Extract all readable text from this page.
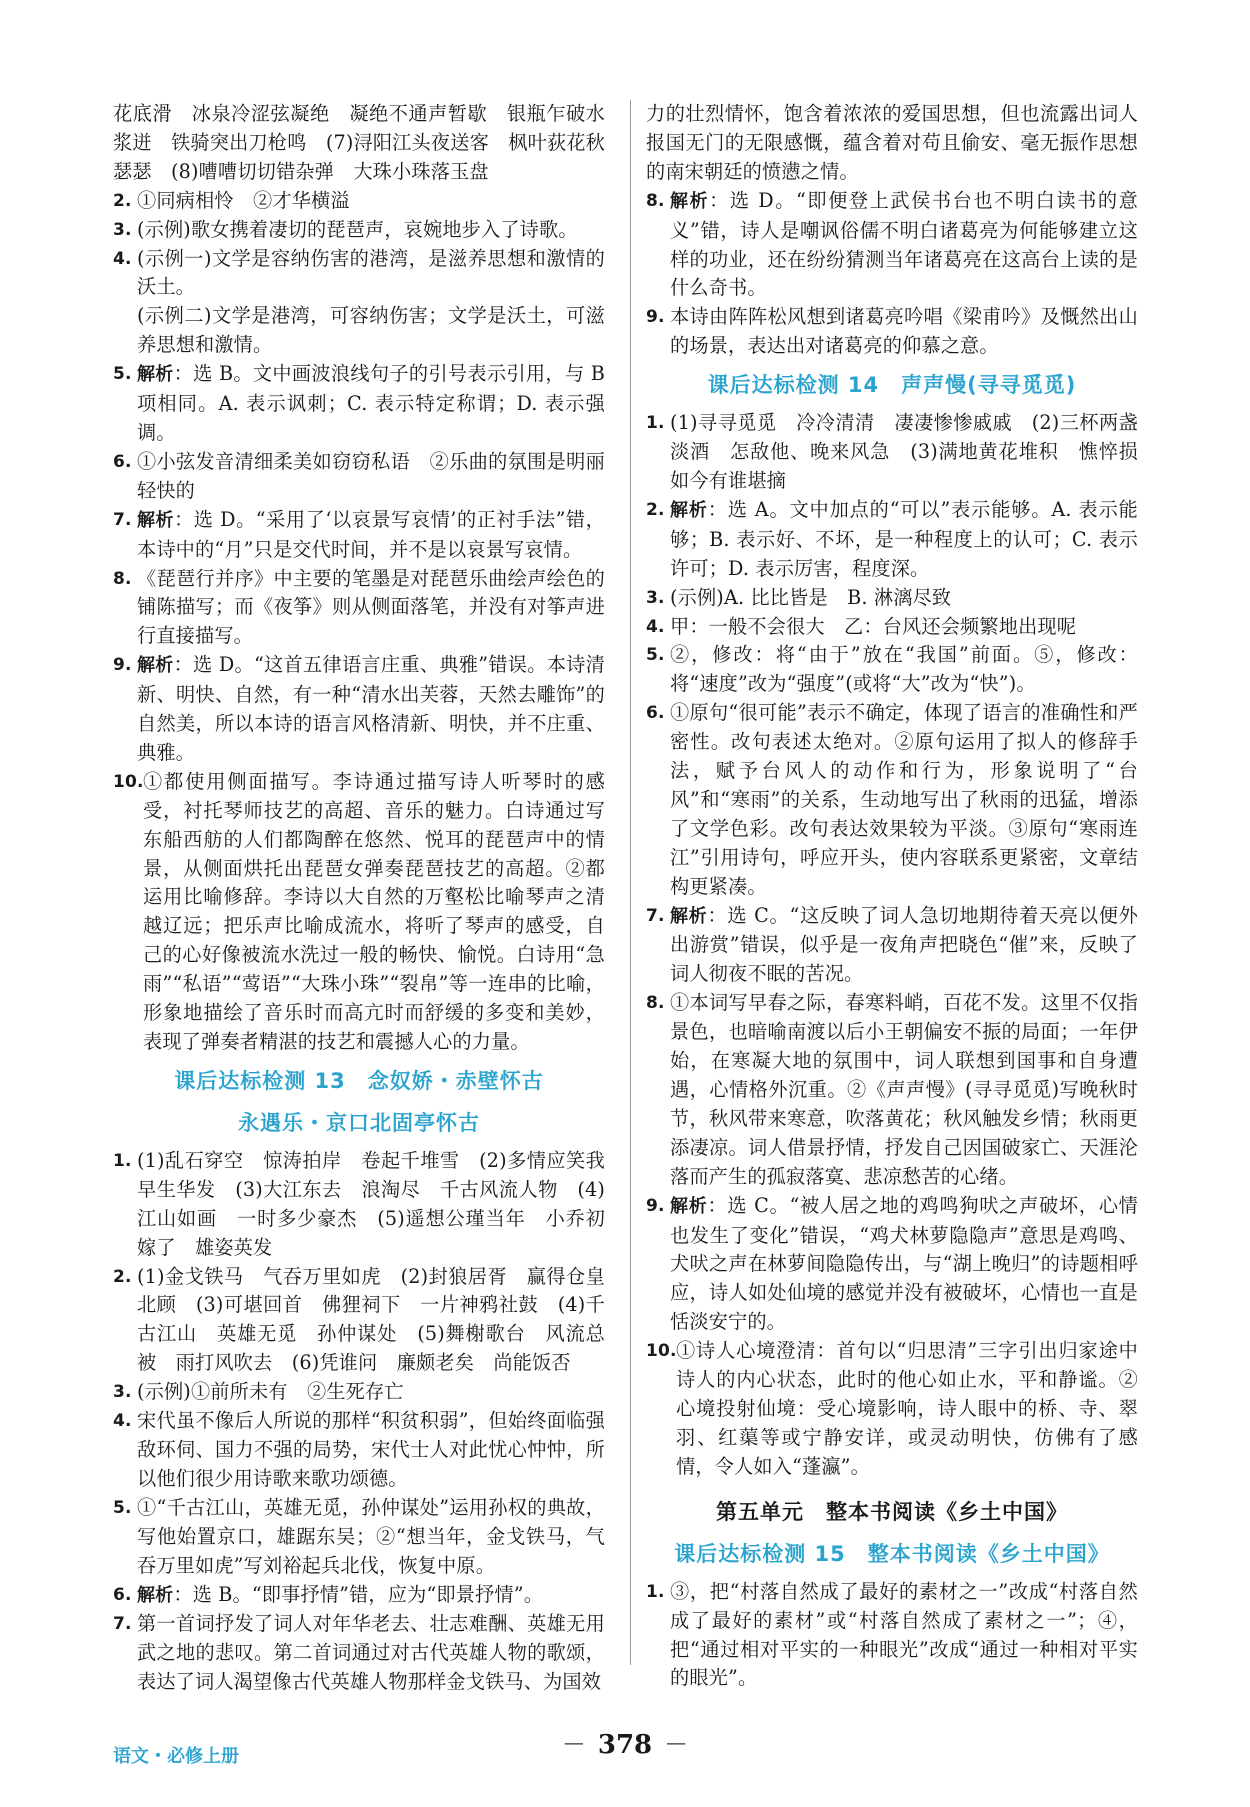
花底滑　冰泉冷涩弦凝绝　凝绝不通声暂歇　银瓶乍破水浆迸　铁骑突出刀枪鸣　(7)浔阳江头夜送客　枫叶荻花秋瑟瑟　(8)嘈嘈切切错杂弹　大珠小珠落玉盘

2. ①同病相怜　②才华横溢

3. (示例)歌女携着凄切的琵琶声，哀婉地步入了诗歌。

4. (示例一)文学是容纳伤害的港湾，是滋养思想和激情的沃土。

(示例二)文学是港湾，可容纳伤害；文学是沃土，可滋养思想和激情。

5. 解析：选 B。文中画波浪线句子的引号表示引用，与 B 项相同。A. 表示讽刺；C. 表示特定称谓；D. 表示强调。

6. ①小弦发音清细柔美如窃窃私语　②乐曲的氛围是明丽轻快的

7. 解析：选 D。“采用了‘以哀景写哀情’的正衬手法”错，本诗中的“月”只是交代时间，并不是以哀景写哀情。

8. 《琵琶行并序》中主要的笔墨是对琵琶乐曲绘声绘色的铺陈描写；而《夜筝》则从侧面落笔，并没有对筝声进行直接描写。

9. 解析：选 D。“这首五律语言庄重、典雅”错误。本诗清新、明快、自然，有一种“清水出芙蓉，天然去雕饰”的自然美，所以本诗的语言风格清新、明快，并不庄重、典雅。

10. ①都使用侧面描写。李诗通过描写诗人听琴时的感受，衬托琴师技艺的高超、音乐的魅力。白诗通过写东船西舫的人们都陶醉在悠然、悦耳的琵琶声中的情景，从侧面烘托出琵琶女弹奏琵琶技艺的高超。②都运用比喻修辞。李诗以大自然的万壑松比喻琴声之清越辽远；把乐声比喻成流水，将听了琴声的感受，自己的心好像被流水洗过一般的畅快、愉悦。白诗用“急雨”“私语”“莺语”“大珠小珠”“裂帛”等一连串的比喻，形象地描绘了音乐时而高亢时而舒缓的多变和美妙，表现了弹奏者精湛的技艺和震撼人心的力量。

课后达标检测 13　念奴娇・赤壁怀古
永遇乐・京口北固亭怀古

1. (1)乱石穿空　惊涛拍岸　卷起千堆雪　(2)多情应笑我　早生华发　(3)大江东去　浪淘尽　千古风流人物　(4)江山如画　一时多少豪杰　(5)遥想公瑾当年　小乔初嫁了　雄姿英发

2. (1)金戈铁马　气吞万里如虎　(2)封狼居胥　赢得仓皇北顾　(3)可堪回首　佛狸祠下　一片神鸦社鼓　(4)千古江山　英雄无觅　孙仲谋处　(5)舞榭歌台　风流总被　雨打风吹去　(6)凭谁问　廉颇老矣　尚能饭否

3. (示例)①前所未有　②生死存亡

4. 宋代虽不像后人所说的那样“积贫积弱”，但始终面临强敌环伺、国力不强的局势，宋代士人对此忧心忡忡，所以他们很少用诗歌来歌功颂德。

5. ①“千古江山，英雄无觅，孙仲谋处”运用孙权的典故，写他始置京口，雄踞东吴；②“想当年，金戈铁马，气吞万里如虎”写刘裕起兵北伐，恢复中原。

6. 解析：选 B。“即事抒情”错，应为“即景抒情”。

7. 第一首词抒发了词人对年华老去、壮志难酬、英雄无用武之地的悲叹。第二首词通过对古代英雄人物的歌颂，表达了词人渴望像古代英雄人物那样金戈铁马、为国效

力的壮烈情怀，饱含着浓浓的爱国思想，但也流露出词人报国无门的无限感慨，蕴含着对苟且偷安、毫无振作思想的南宋朝廷的愤懑之情。

8. 解析：选 D。“即便登上武侯书台也不明白读书的意义”错，诗人是嘲讽俗儒不明白诸葛亮为何能够建立这样的功业，还在纷纷猜测当年诸葛亮在这高台上读的是什么奇书。

9. 本诗由阵阵松风想到诸葛亮吟唱《梁甫吟》及慨然出山的场景，表达出对诸葛亮的仰慕之意。

课后达标检测 14　声声慢(寻寻觅觅)

1. (1)寻寻觅觅　冷冷清清　凄凄惨惨戚戚　(2)三杯两盏淡酒　怎敌他、晚来风急　(3)满地黄花堆积　憔悴损　如今有谁堪摘

2. 解析：选 A。文中加点的“可以”表示能够。A. 表示能够；B. 表示好、不坏，是一种程度上的认可；C. 表示许可；D. 表示厉害，程度深。

3. (示例)A. 比比皆是　B. 淋漓尽致

4. 甲：一般不会很大　乙：台风还会频繁地出现呢

5. ②，修改：将“由于”放在“我国”前面。⑤，修改：将“速度”改为“强度”(或将“大”改为“快”)。

6. ①原句“很可能”表示不确定，体现了语言的准确性和严密性。改句表述太绝对。②原句运用了拟人的修辞手法，赋予台风人的动作和行为，形象说明了“台风”和“寒雨”的关系，生动地写出了秋雨的迅猛，增添了文学色彩。改句表达效果较为平淡。③原句“寒雨连江”引用诗句，呼应开头，使内容联系更紧密，文章结构更紧凑。

7. 解析：选 C。“这反映了词人急切地期待着天亮以便外出游赏”错误，似乎是一夜角声把晓色“催”来，反映了词人彻夜不眠的苦况。

8. ①本词写早春之际，春寒料峭，百花不发。这里不仅指景色，也暗喻南渡以后小王朝偏安不振的局面；一年伊始，在寒凝大地的氛围中，词人联想到国事和自身遭遇，心情格外沉重。②《声声慢》(寻寻觅觅)写晚秋时节，秋风带来寒意，吹落黄花；秋风触发乡情；秋雨更添凄凉。词人借景抒情，抒发自己因国破家亡、天涯沦落而产生的孤寂落寞、悲凉愁苦的心绪。

9. 解析：选 C。“被人居之地的鸡鸣狗吠之声破坏，心情也发生了变化”错误，“鸡犬林萝隐隐声”意思是鸡鸣、犬吠之声在林萝间隐隐传出，与“湖上晚归”的诗题相呼应，诗人如处仙境的感觉并没有被破坏，心情也一直是恬淡安宁的。

10. ①诗人心境澄清：首句以“归思清”三字引出归家途中诗人的内心状态，此时的他心如止水，平和静谧。②心境投射仙境：受心境影响，诗人眼中的桥、寺、翠羽、红蕖等或宁静安详，或灵动明快，仿佛有了感情，令人如入“蓬瀛”。

第五单元　整本书阅读《乡土中国》
课后达标检测 15　整本书阅读《乡土中国》

1. ③，把“村落自然成了最好的素材之一”改成“村落自然成了最好的素材”或“村落自然成了素材之一”；④，把“通过相对平实的一种眼光”改成“通过一种相对平实的眼光”。

语文・必修上册
— 378 —
